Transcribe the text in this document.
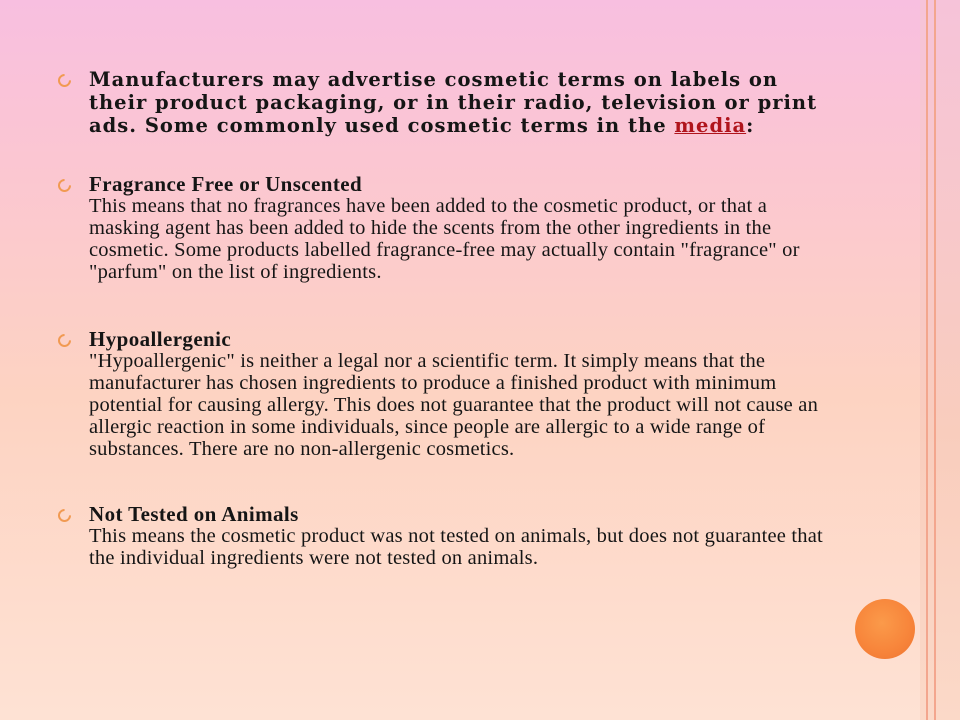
Manufacturers may advertise cosmetic terms on labels on their product packaging, or in their radio, television or print ads. Some commonly used cosmetic terms in the media:
Fragrance Free or Unscented
This means that no fragrances have been added to the cosmetic product, or that a masking agent has been added to hide the scents from the other ingredients in the cosmetic. Some products labelled fragrance-free may actually contain "fragrance" or "parfum" on the list of ingredients.
Hypoallergenic
"Hypoallergenic" is neither a legal nor a scientific term. It simply means that the manufacturer has chosen ingredients to produce a finished product with minimum potential for causing allergy. This does not guarantee that the product will not cause an allergic reaction in some individuals, since people are allergic to a wide range of substances. There are no non-allergenic cosmetics.
Not Tested on Animals
This means the cosmetic product was not tested on animals, but does not guarantee that the individual ingredients were not tested on animals.
